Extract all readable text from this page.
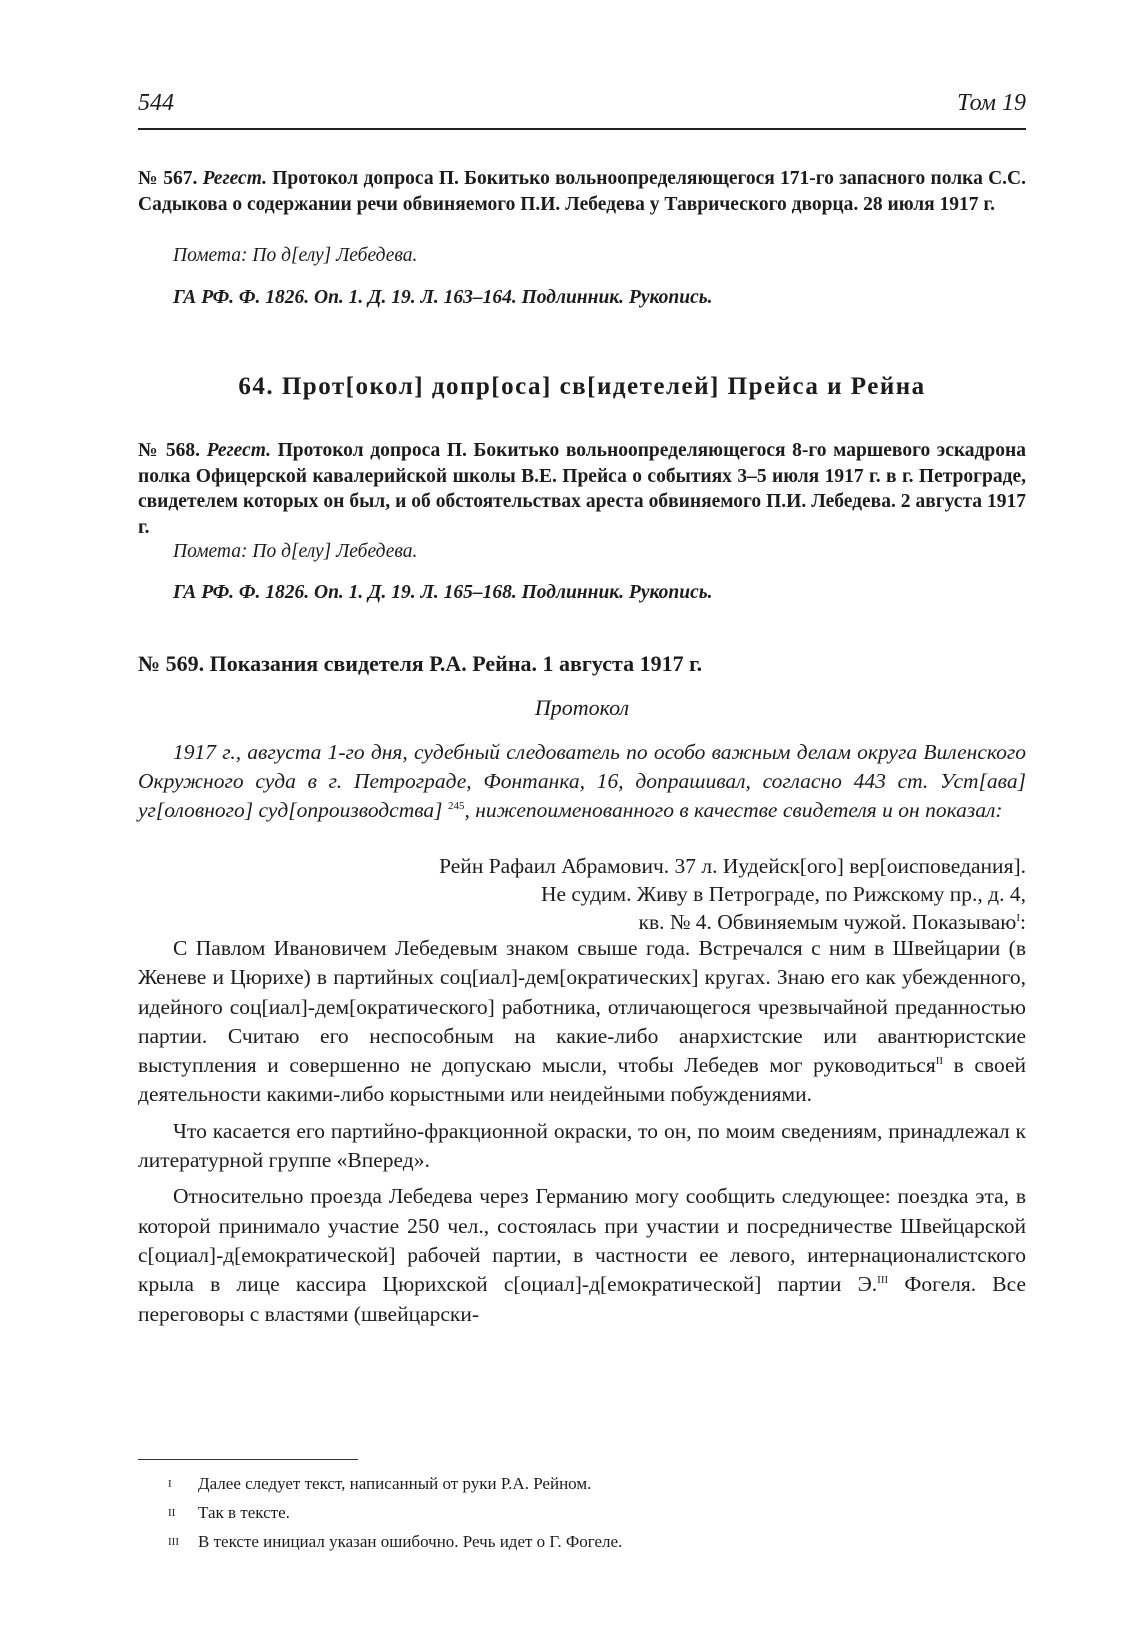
544	Том 19

№ 567. Регест. Протокол допроса П. Бокитько вольноопределяющегося 171-го запасного полка С.С. Садыкова о содержании речи обвиняемого П.И. Лебедева у Таврического дворца. 28 июля 1917 г.

Помета: По д[елу] Лебедева.

ГА РФ. Ф. 1826. Оп. 1. Д. 19. Л. 163–164. Подлинник. Рукопись.

64. Прот[окол] допр[оса] св[идетелей] Прейса и Рейна

№ 568. Регест. Протокол допроса П. Бокитько вольноопределяющегося 8-го маршевого эскадрона полка Офицерской кавалерийской школы В.Е. Прейса о событиях 3–5 июля 1917 г. в г. Петрограде, свидетелем которых он был, и об обстоятельствах ареста обвиняемого П.И. Лебедева. 2 августа 1917 г.

Помета: По д[елу] Лебедева.

ГА РФ. Ф. 1826. Оп. 1. Д. 19. Л. 165–168. Подлинник. Рукопись.

№ 569. Показания свидетеля Р.А. Рейна. 1 августа 1917 г.

Протокол

1917 г., августа 1-го дня, судебный следователь по особо важным делам округа Виленского Окружного суда в г. Петрограде, Фонтанка, 16, допрашивал, согласно 443 ст. Уст[ава] уг[оловного] суд[опроизводства] $^{245}$, нижепоименованного в качестве свидетеля и он показал:

Рейн Рафаил Абрамович. 37 л. Иудейск[ого] вер[оисповедания].
Не судим. Живу в Петрограде, по Рижскому пр., д. 4,
кв. № 4. Обвиняемым чужой. Показываю$^I$:

С Павлом Ивановичем Лебедевым знаком свыше года. Встречался с ним в Швейцарии (в Женеве и Цюрихе) в партийных соц[иал]-дем[ократических] кругах. Знаю его как убежденного, идейного соц[иал]-дем[ократического] работника, отличающегося чрезвычайной преданностью партии. Считаю его неспособным на какие-либо анархистские или авантюристские выступления и совершенно не допускаю мысли, чтобы Лебедев мог руководиться$^{II}$ в своей деятельности какими-либо корыстными или неидейными побуждениями.

Что касается его партийно-фракционной окраски, то он, по моим сведениям, принадлежал к литературной группе «Вперед».

Относительно проезда Лебедева через Германию могу сообщить следующее: поездка эта, в которой принимало участие 250 чел., состоялась при участии и посредничестве Швейцарской с[оциал]-д[емократической] рабочей партии, в частности ее левого, интернационалистского крыла в лице кассира Цюрихской с[оциал]-д[емократической] партии Э.$^{III}$ Фогеля. Все переговоры с властями (швейцарски-

I Далее следует текст, написанный от руки Р.А. Рейном.
II Так в тексте.
III В тексте инициал указан ошибочно. Речь идет о Г. Фогеле.
